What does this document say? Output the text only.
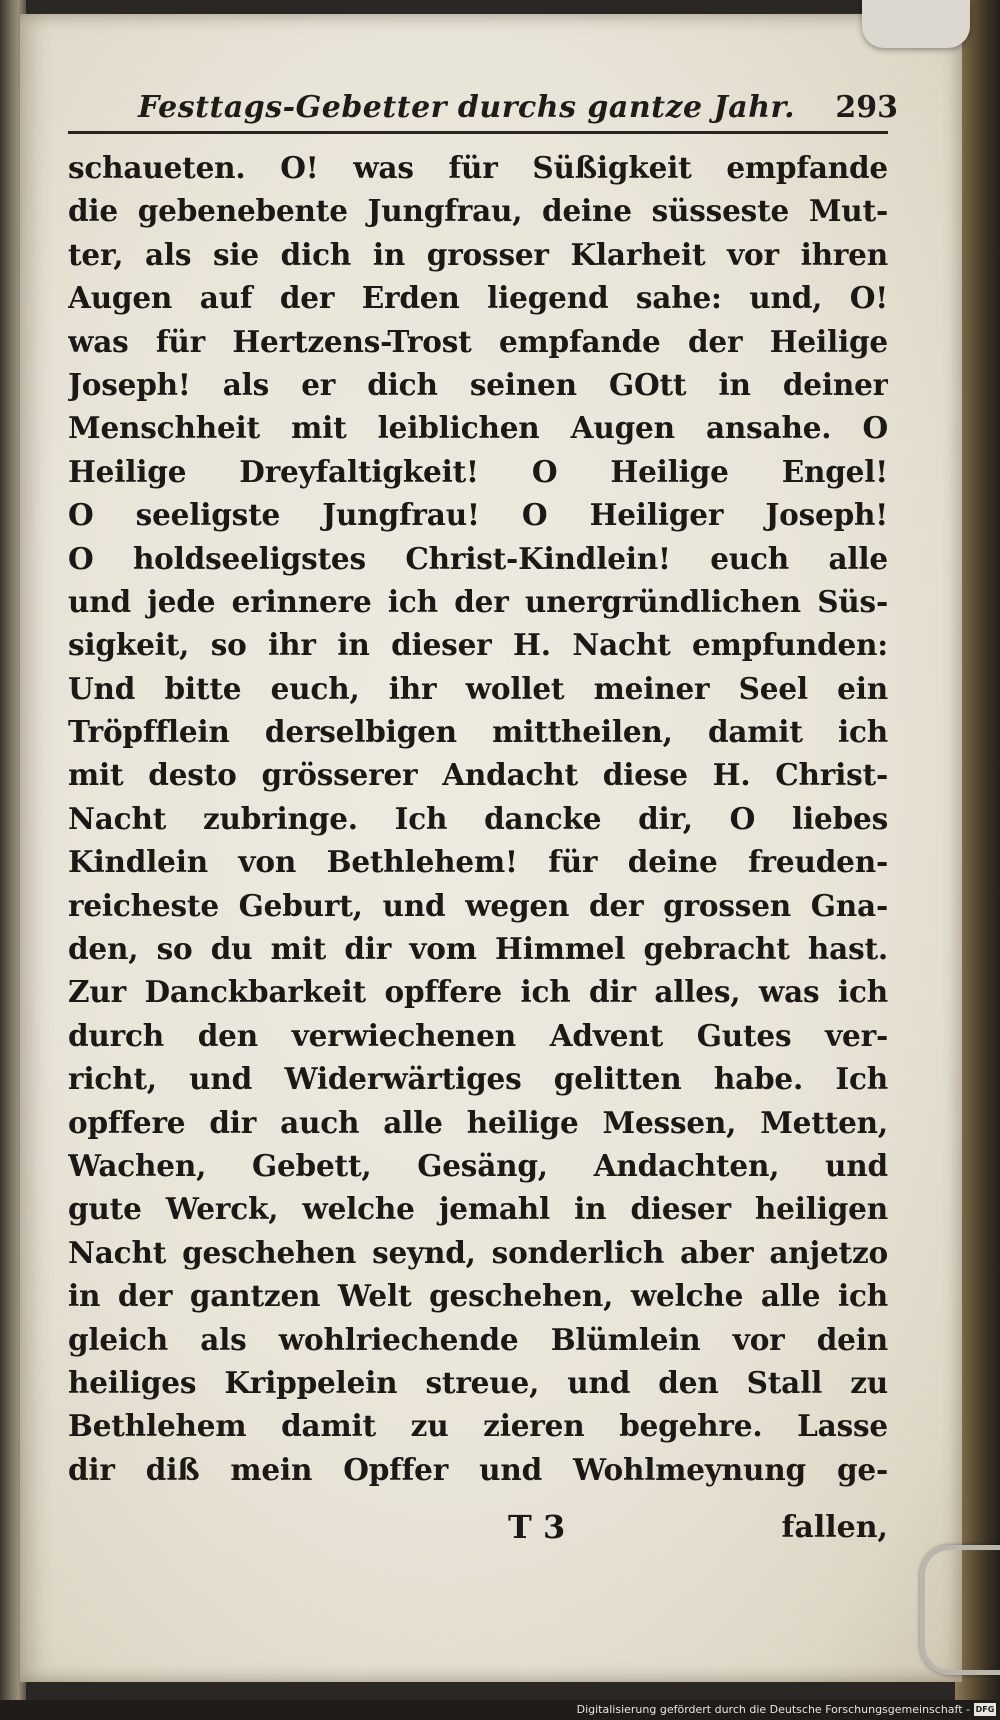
Festtags-Gebetter durchs gantze Jahr.	293
schaueten. O! was für Süßigkeit empfande
die gebenebente Jungfrau, deine süsseste Mut-
ter, als sie dich in grosser Klarheit vor ihren
Augen auf der Erden liegend sahe: und, O!
was für Hertzens-Trost empfande der Heilige
Joseph! als er dich seinen GOtt in deiner
Menschheit mit leiblichen Augen ansahe. O
Heilige Dreyfaltigkeit! O Heilige Engel!
O seeligste Jungfrau! O Heiliger Joseph!
O holdseeligstes Christ-Kindlein! euch alle
und jede erinnere ich der unergründlichen Süs-
sigkeit, so ihr in dieser H. Nacht empfunden:
Und bitte euch, ihr wollet meiner Seel ein
Tröpfflein derselbigen mittheilen, damit ich
mit desto grösserer Andacht diese H. Christ-
Nacht zubringe. Ich dancke dir, O liebes
Kindlein von Bethlehem! für deine freuden-
reicheste Geburt, und wegen der grossen Gna-
den, so du mit dir vom Himmel gebracht hast.
Zur Danckbarkeit opffere ich dir alles, was ich
durch den verwiechenen Advent Gutes ver-
richt, und Widerwärtiges gelitten habe. Ich
opffere dir auch alle heilige Messen, Metten,
Wachen, Gebett, Gesäng, Andachten, und
gute Werck, welche jemahl in dieser heiligen
Nacht geschehen seynd, sonderlich aber anjetzo
in der gantzen Welt geschehen, welche alle ich
gleich als wohlriechende Blümlein vor dein
heiliges Krippelein streue, und den Stall zu
Bethlehem damit zu zieren begehre. Lasse
dir diß mein Opffer und Wohlmeynung ge-
T 3	fallen,
Digitalisierung gefördert durch die Deutsche Forschungsgemeinschaft - DFG
